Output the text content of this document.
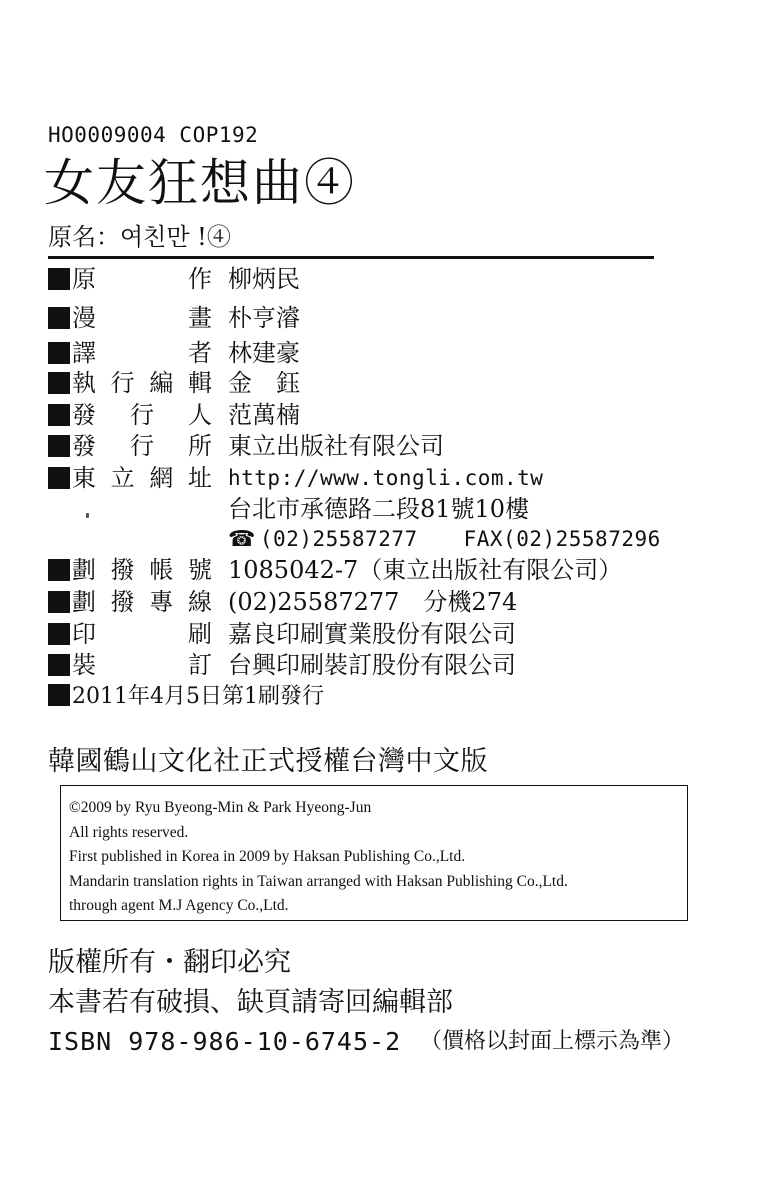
HO0009004 COP192
女友狂想曲④
原名：여친만 !④
原作 柳炳民
漫畫 朴亨濬
譯者 林建豪
執行編輯 金　鈺
發行人 范萬楠
發行所 東立出版社有限公司
東立網址 http://www.tongli.com.tw
台北市承德路二段81號10樓
☎ (02)25587277 FAX(02)25587296
劃撥帳號 1085042-7（東立出版社有限公司）
劃撥專線 (02)25587277　分機274
印刷 嘉良印刷實業股份有限公司
裝訂 台興印刷裝訂股份有限公司
2011年4月5日第1刷發行
韓國鶴山文化社正式授權台灣中文版
©2009 by Ryu Byeong-Min & Park Hyeong-Jun
All rights reserved.
First published in Korea in 2009 by Haksan Publishing Co.,Ltd.
Mandarin translation rights in Taiwan arranged with Haksan Publishing Co.,Ltd.
through agent M.J Agency Co.,Ltd.
版權所有・翻印必究
本書若有破損、缺頁請寄回編輯部
ISBN 978-986-10-6745-2 （價格以封面上標示為準）
